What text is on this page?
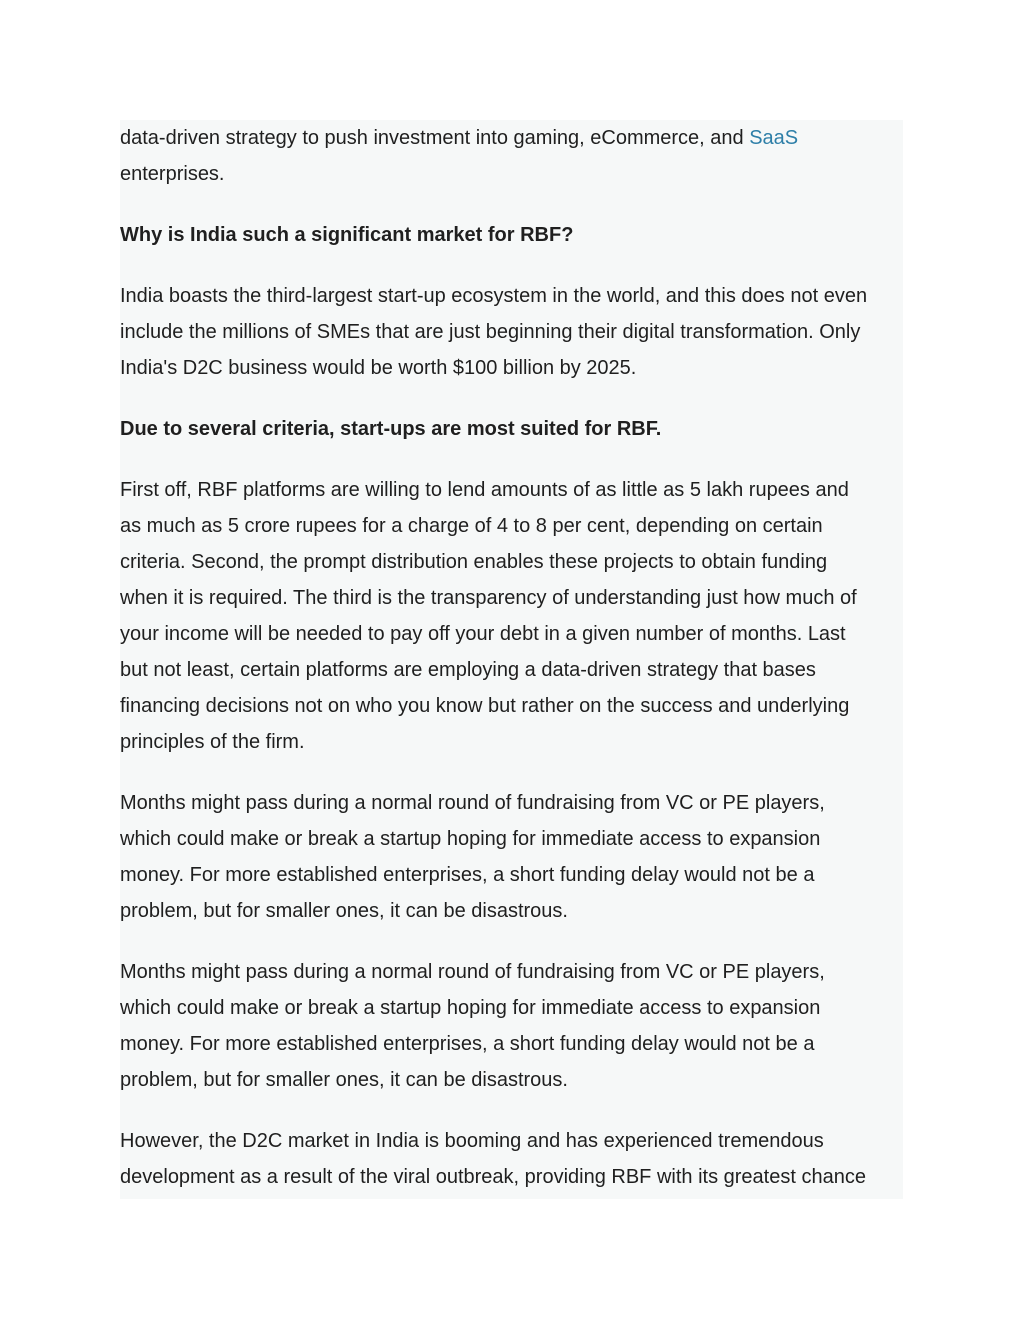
data-driven strategy to push investment into gaming, eCommerce, and SaaS
enterprises.

Why is India such a significant market for RBF?

India boasts the third-largest start-up ecosystem in the world, and this does not even
include the millions of SMEs that are just beginning their digital transformation. Only
India's D2C business would be worth $100 billion by 2025.

Due to several criteria, start-ups are most suited for RBF.

First off, RBF platforms are willing to lend amounts of as little as 5 lakh rupees and
as much as 5 crore rupees for a charge of 4 to 8 per cent, depending on certain
criteria. Second, the prompt distribution enables these projects to obtain funding
when it is required. The third is the transparency of understanding just how much of
your income will be needed to pay off your debt in a given number of months. Last
but not least, certain platforms are employing a data-driven strategy that bases
financing decisions not on who you know but rather on the success and underlying
principles of the firm.

Months might pass during a normal round of fundraising from VC or PE players,
which could make or break a startup hoping for immediate access to expansion
money. For more established enterprises, a short funding delay would not be a
problem, but for smaller ones, it can be disastrous.

Months might pass during a normal round of fundraising from VC or PE players,
which could make or break a startup hoping for immediate access to expansion
money. For more established enterprises, a short funding delay would not be a
problem, but for smaller ones, it can be disastrous.

However, the D2C market in India is booming and has experienced tremendous
development as a result of the viral outbreak, providing RBF with its greatest chance
